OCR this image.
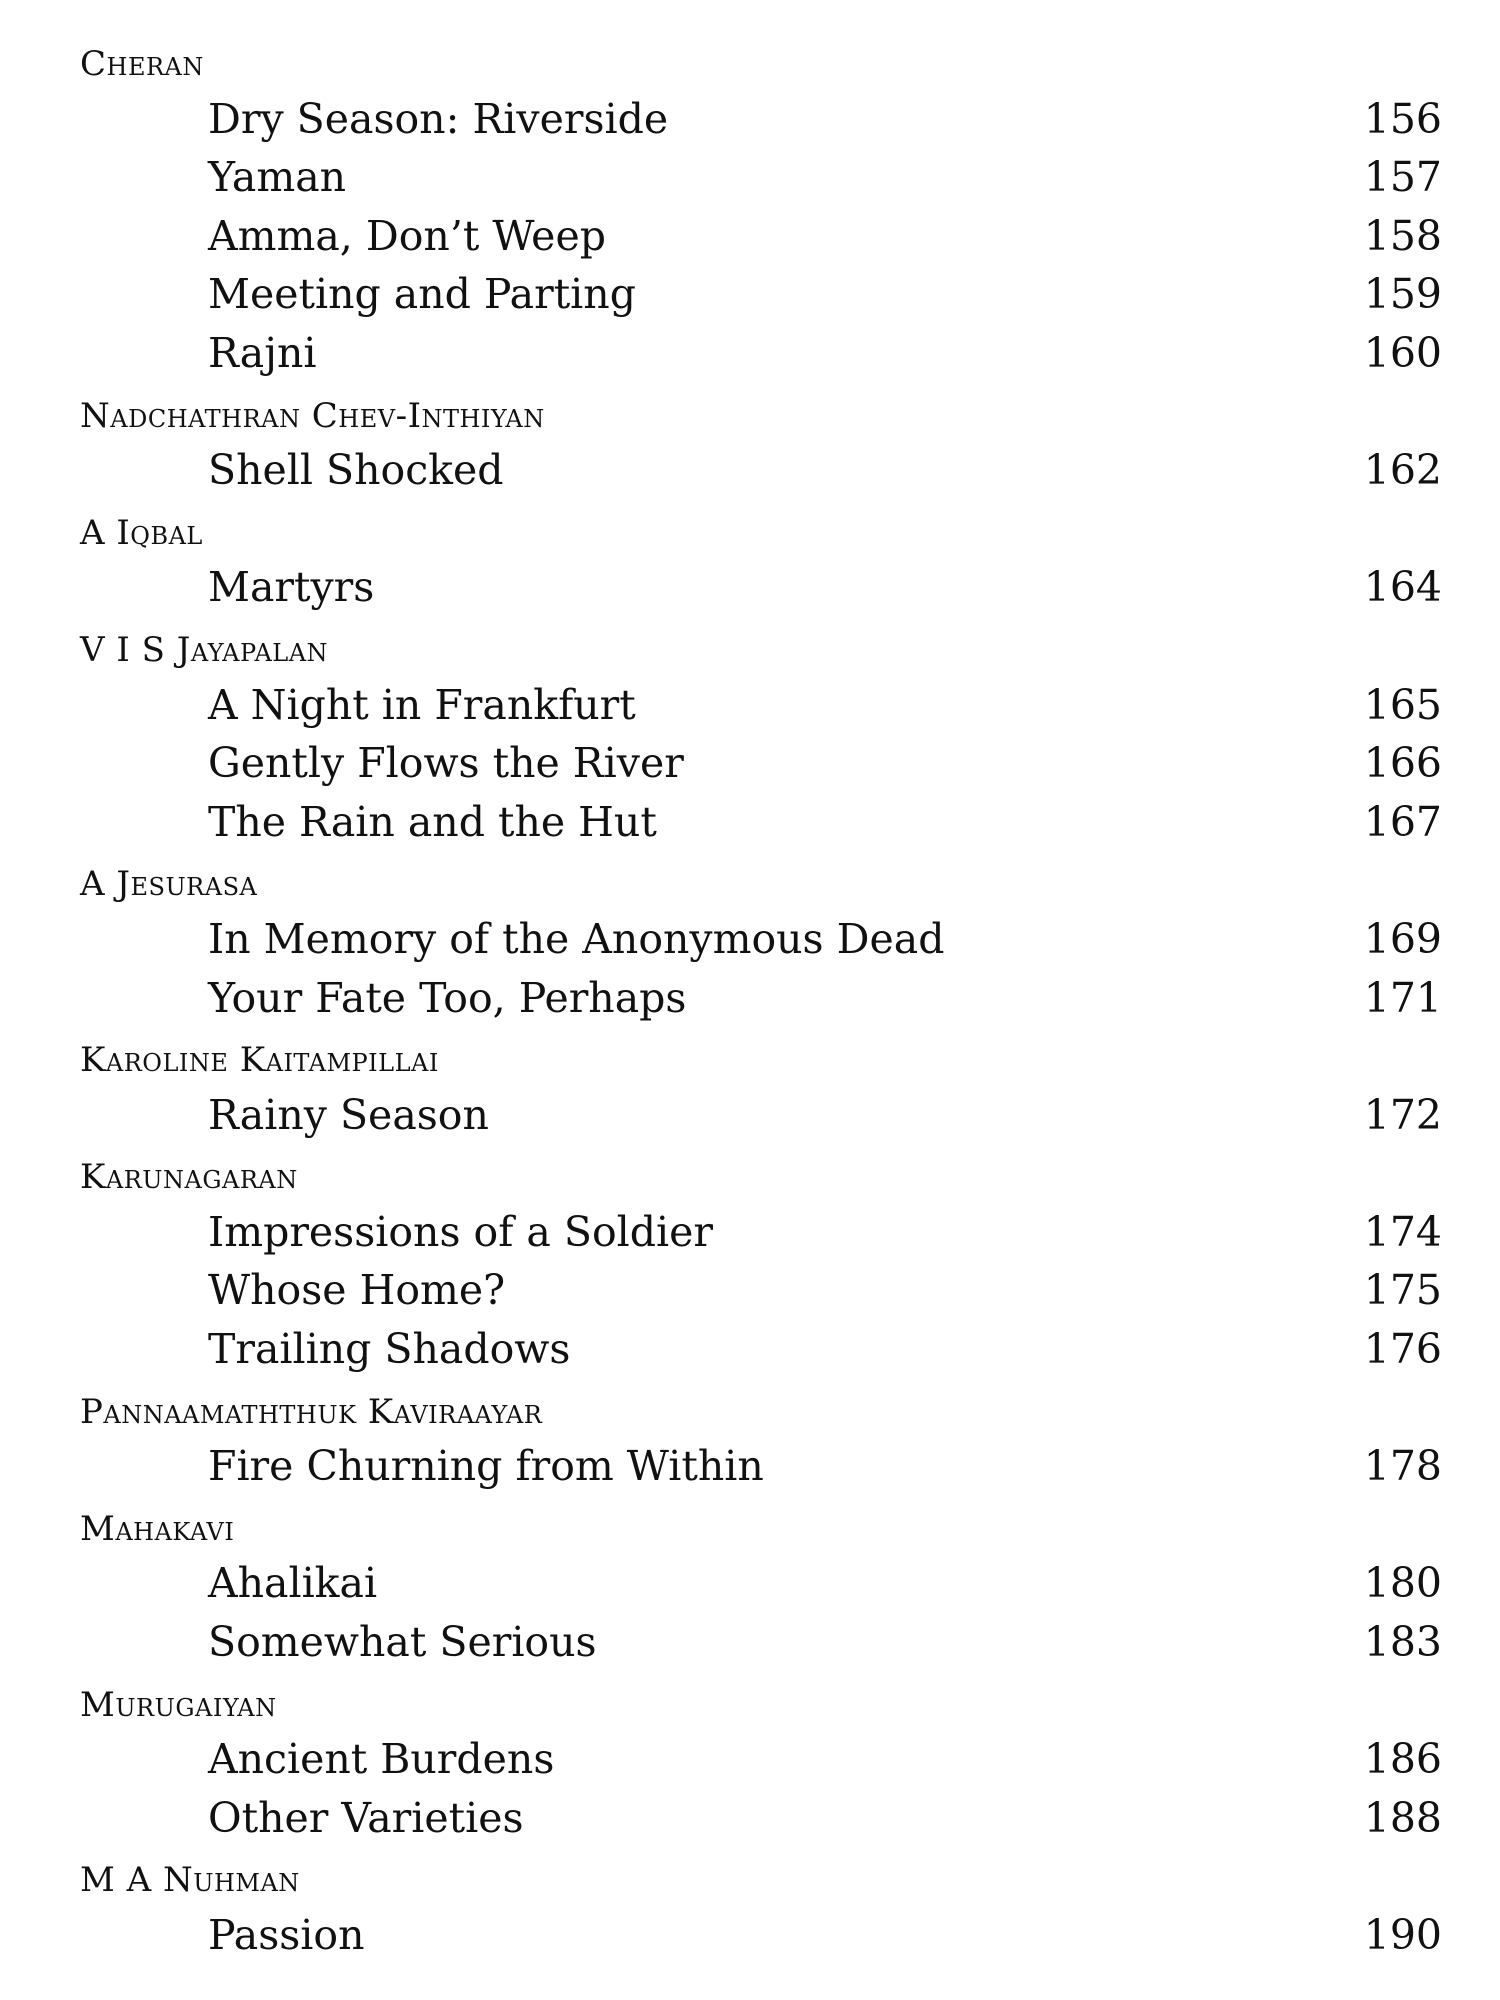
Cheran
Dry Season: Riverside	156
Yaman	157
Amma, Don’t Weep	158
Meeting and Parting	159
Rajni	160
Nadchathran Chev-Inthiyan
Shell Shocked	162
A Iqbal
Martyrs	164
V I S Jayapalan
A Night in Frankfurt	165
Gently Flows the River	166
The Rain and the Hut	167
A Jesurasa
In Memory of the Anonymous Dead	169
Your Fate Too, Perhaps	171
Karoline Kaitampillai
Rainy Season	172
Karunagaran
Impressions of a Soldier	174
Whose Home?	175
Trailing Shadows	176
Pannaamaththuk Kaviraayar
Fire Churning from Within	178
Mahakavi
Ahalikai	180
Somewhat Serious	183
Murugaiyan
Ancient Burdens	186
Other Varieties	188
M A Nuhman
Passion	190
